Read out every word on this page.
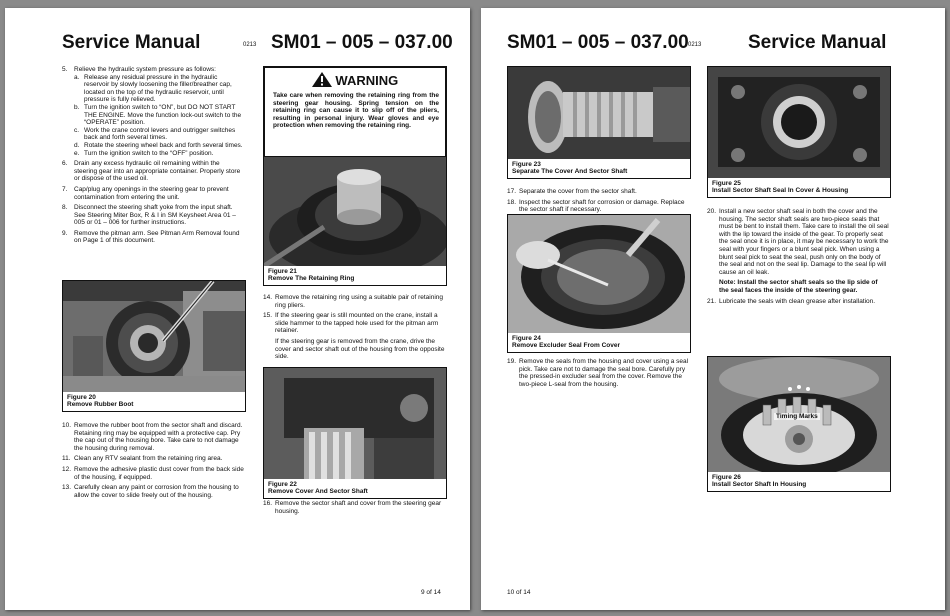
Service Manual	0213 SM01 – 005 – 037.00

5. Relieve the hydraulic system pressure as follows:

a. Release any residual pressure in the hydraulic reservoir by slowly loosening the filler/breather cap, located on the top of the hydraulic reservoir, until pressure is fully relieved.

b. Turn the ignition switch to “ON”, but DO NOT START THE ENGINE. Move the function lock-out switch to the “OPERATE” position.

c. Work the crane control levers and outrigger switches back and forth several times.

d. Rotate the steering wheel back and forth several times.

e. Turn the ignition switch to the “OFF” position.

6. Drain any excess hydraulic oil remaining within the steering gear into an appropriate container. Properly store or dispose of the used oil.

7. Cap/plug any openings in the steering gear to prevent contamination from entering the unit.

8. Disconnect the steering shaft yoke from the input shaft. See Steering Miter Box, R & I in SM Keysheet Area 01 – 005 or 01 – 006 for further instructions.

9. Remove the pitman arm. See Pitman Arm Removal found on Page 1 of this document.

Figure 20
Remove Rubber Boot

10. Remove the rubber boot from the sector shaft and discard. Retaining ring may be equipped with a protective cap. Pry the cap out of the housing bore. Take care to not damage the housing during removal.

11. Clean any RTV sealant from the retaining ring area.

12. Remove the adhesive plastic dust cover from the back side of the housing, if equipped.

13. Carefully clean any paint or corrosion from the housing to allow the cover to slide freely out of the housing.

WARNING
Take care when removing the retaining ring from the steering gear housing. Spring tension on the retaining ring can cause it to slip off of the pliers, resulting in personal injury. Wear gloves and eye protection when removing the retaining ring.
Figure 21
Remove The Retaining Ring

14. Remove the retaining ring using a suitable pair of retaining ring pliers.

15. If the steering gear is still mounted on the crane, install a slide hammer to the tapped hole used for the pitman arm retainer.

If the steering gear is removed from the crane, drive the cover and sector shaft out of the housing from the opposite side.

Figure 22
Remove Cover And Sector Shaft

16. Remove the sector shaft and cover from the steering gear housing.

9 of 14
SM01 – 005 – 037.00 0213 Service Manual
Figure 23
Separate The Cover And Sector Shaft

17. Separate the cover from the sector shaft.

18. Inspect the sector shaft for corrosion or damage. Replace the sector shaft if necessary.

Figure 24
Remove Excluder Seal From Cover

19. Remove the seals from the housing and cover using a seal pick. Take care not to damage the seal bore. Carefully pry the pressed-in excluder seal from the cover. Remove the two-piece L-seal from the housing.

Figure 25
Install Sector Shaft Seal In Cover & Housing

20. Install a new sector shaft seal in both the cover and the housing. The sector shaft seals are two-piece seals that must be bent to install them. Take care to install the oil seal with the lip toward the inside of the gear. To properly seat the seal once it is in place, it may be necessary to work the seal with your fingers or a blunt seal pick. When using a blunt seal pick to seat the seal, push only on the body of the seal and not on the seal lip. Damage to the seal lip will cause an oil leak.

Note: Install the sector shaft seals so the lip side of the seal faces the inside of the steering gear.

21. Lubricate the seals with clean grease after installation.

Timing Marks
Figure 26
Install Sector Shaft In Housing
10 of 14
